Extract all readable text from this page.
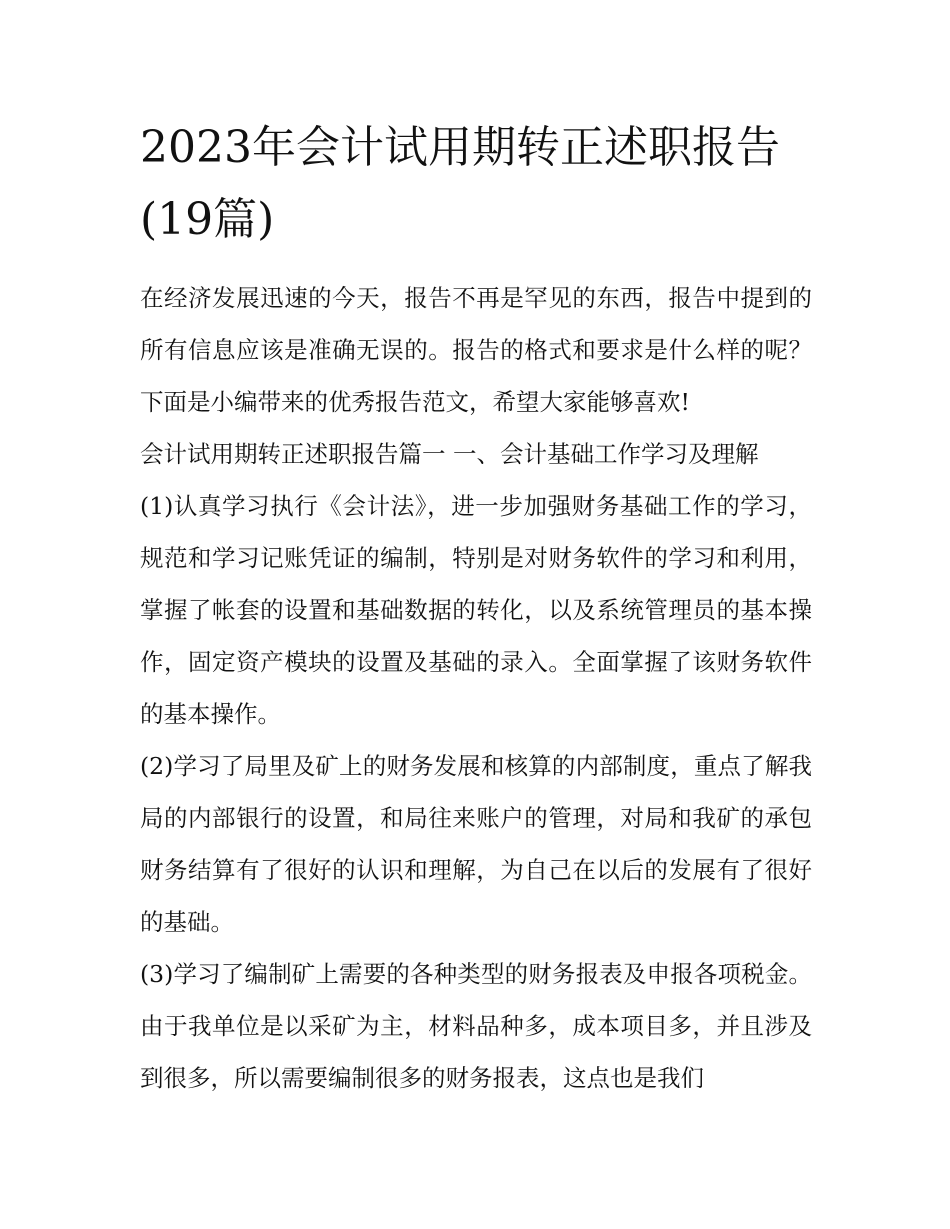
2023年会计试用期转正述职报告(19篇)

在经济发展迅速的今天，报告不再是罕见的东西，报告中提到的所有信息应该是准确无误的。报告的格式和要求是什么样的呢？下面是小编带来的优秀报告范文，希望大家能够喜欢!

会计试用期转正述职报告篇一 一、会计基础工作学习及理解

(1)认真学习执行《会计法》，进一步加强财务基础工作的学习，规范和学习记账凭证的编制，特别是对财务软件的学习和利用，掌握了帐套的设置和基础数据的转化，以及系统管理员的基本操作，固定资产模块的设置及基础的录入。全面掌握了该财务软件的基本操作。

(2)学习了局里及矿上的财务发展和核算的内部制度，重点了解我局的内部银行的设置，和局往来账户的管理，对局和我矿的承包财务结算有了很好的认识和理解，为自己在以后的发展有了很好的基础。

(3)学习了编制矿上需要的各种类型的财务报表及申报各项税金。由于我单位是以采矿为主，材料品种多，成本项目多，并且涉及到很多，所以需要编制很多的财务报表，这点也是我们
